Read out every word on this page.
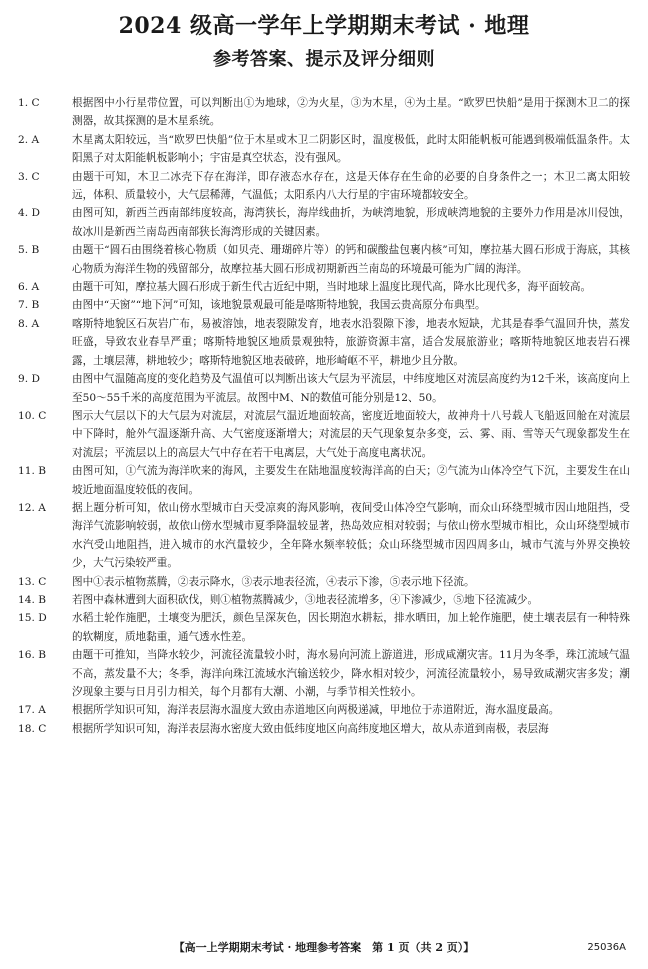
2024 级高一学年上学期期末考试 · 地理
参考答案、提示及评分细则

1. C	根据图中小行星带位置，可以判断出①为地球，②为火星，③为木星，④为土星。“欧罗巴快船”是用于探测木卫二的探测器，故其探测的是木星系统。

2. A	木星离太阳较远，当“欧罗巴快船”位于木星或木卫二阴影区时，温度极低，此时太阳能帆板可能遇到极端低温条件。太阳黑子对太阳能帆板影响小；宇宙是真空状态，没有强风。

3. C	由题干可知，木卫二冰壳下存在海洋，即存液态水存在，这是天体存在生命的必要的自身条件之一；木卫二离太阳较远，体积、质量较小，大气层稀薄，气温低；太阳系内八大行星的宇宙环境都较安全。

4. D	由图可知，新西兰西南部纬度较高，海湾狭长，海岸线曲折，为峡湾地貌，形成峡湾地貌的主要外力作用是冰川侵蚀，故冰川是新西兰南岛西南部狭长海湾形成的关键因素。

5. B	由题干“圆石由围绕着核心物质（如贝壳、珊瑚碎片等）的钙和碳酸盐包裹内核”可知，摩拉基大圆石形成于海底，其核心物质为海洋生物的残留部分，故摩拉基大圆石形成初期新西兰南岛的环境最可能为广阔的海洋。

6. A	由题干可知，摩拉基大圆石形成于新生代古近纪中期，当时地球上温度比现代高，降水比现代多，海平面较高。

7. B	由图中“天窗”“地下河”可知，该地貌景观最可能是喀斯特地貌，我国云贵高原分布典型。

8. A	喀斯特地貌区石灰岩广布，易被溶蚀，地表裂隙发育，地表水沿裂隙下渗，地表水短缺，尤其是春季气温回升快，蒸发旺盛，导致农业春旱严重；喀斯特地貌区地质景观独特，旅游资源丰富，适合发展旅游业；喀斯特地貌区地表岩石裸露，土壤层薄，耕地较少；喀斯特地貌区地表破碎，地形崎岖不平，耕地少且分散。

9. D	由图中气温随高度的变化趋势及气温值可以判断出该大气层为平流层，中纬度地区对流层高度约为12千米，该高度向上至50～55千米的高度范围为平流层。故图中M、N的数值可能分别是12、50。

10. C	图示大气层以下的大气层为对流层，对流层气温近地面较高，密度近地面较大，故神舟十八号载人飞船返回舱在对流层中下降时，舱外气温逐渐升高、大气密度逐渐增大；对流层的天气现象复杂多变，云、雾、雨、雪等天气现象都发生在对流层；平流层以上的高层大气中存在若干电离层，大气处于高度电离状况。

11. B	由图可知，①气流为海洋吹来的海风，主要发生在陆地温度较海洋高的白天；②气流为山体冷空气下沉，主要发生在山坡近地面温度较低的夜间。

12. A	据上题分析可知，依山傍水型城市白天受凉爽的海风影响，夜间受山体冷空气影响，而众山环绕型城市因山地阻挡，受海洋气流影响较弱，故依山傍水型城市夏季降温较显著，热岛效应相对较弱；与依山傍水型城市相比，众山环绕型城市水汽受山地阻挡，进入城市的水汽量较少，全年降水频率较低；众山环绕型城市因四周多山，城市气流与外界交换较少，大气污染较严重。

13. C	图中①表示植物蒸腾，②表示降水，③表示地表径流，④表示下渗，⑤表示地下径流。

14. B	若图中森林遭到大面积砍伐，则①植物蒸腾减少，③地表径流增多，④下渗减少，⑤地下径流减少。

15. D	水稻土轮作施肥，土壤变为肥沃，颜色呈深灰色，因长期泡水耕耘，排水晒田，加上轮作施肥，使土壤表层有一种特殊的软糊度，质地黏重，通气透水性差。

16. B	由题干可推知，当降水较少，河流径流量较小时，海水易向河流上游道进，形成咸潮灾害。11月为冬季，珠江流域气温不高，蒸发量不大；冬季，海洋向珠江流域水汽输送较少，降水相对较少，河流径流量较小，易导致咸潮灾害多发；潮汐现象主要与日月引力相关，每个月都有大潮、小潮，与季节相关性较小。

17. A	根据所学知识可知，海洋表层海水温度大致由赤道地区向两极递减，甲地位于赤道附近，海水温度最高。

18. C	根据所学知识可知，海洋表层海水密度大致由低纬度地区向高纬度地区增大，故从赤道到南极，表层海

【高一上学期期末考试 · 地理参考答案　第 1 页（共 2 页）】	25036A
